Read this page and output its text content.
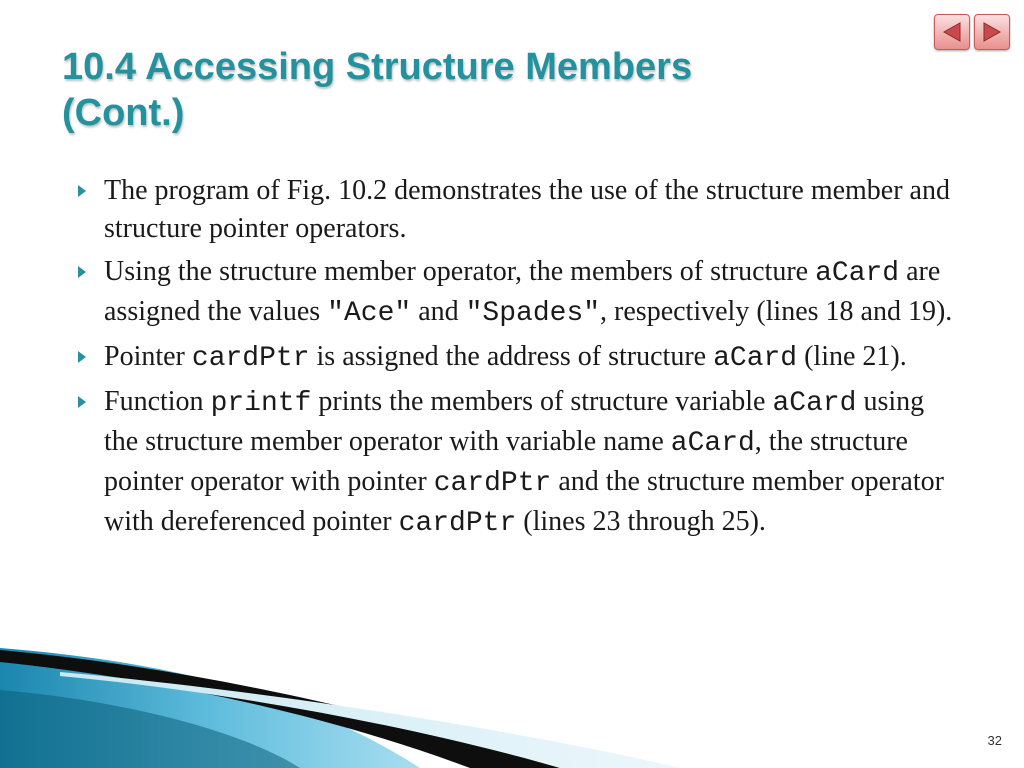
10.4 Accessing Structure Members
(Cont.)
The program of Fig. 10.2 demonstrates the use of the structure member and structure pointer operators.
Using the structure member operator, the members of structure aCard are assigned the values "Ace" and "Spades", respectively (lines 18 and 19).
Pointer cardPtr is assigned the address of structure aCard (line 21).
Function printf prints the members of structure variable aCard using the structure member operator with variable name aCard, the structure pointer operator with pointer cardPtr and the structure member operator with dereferenced pointer cardPtr (lines 23 through 25).
32
